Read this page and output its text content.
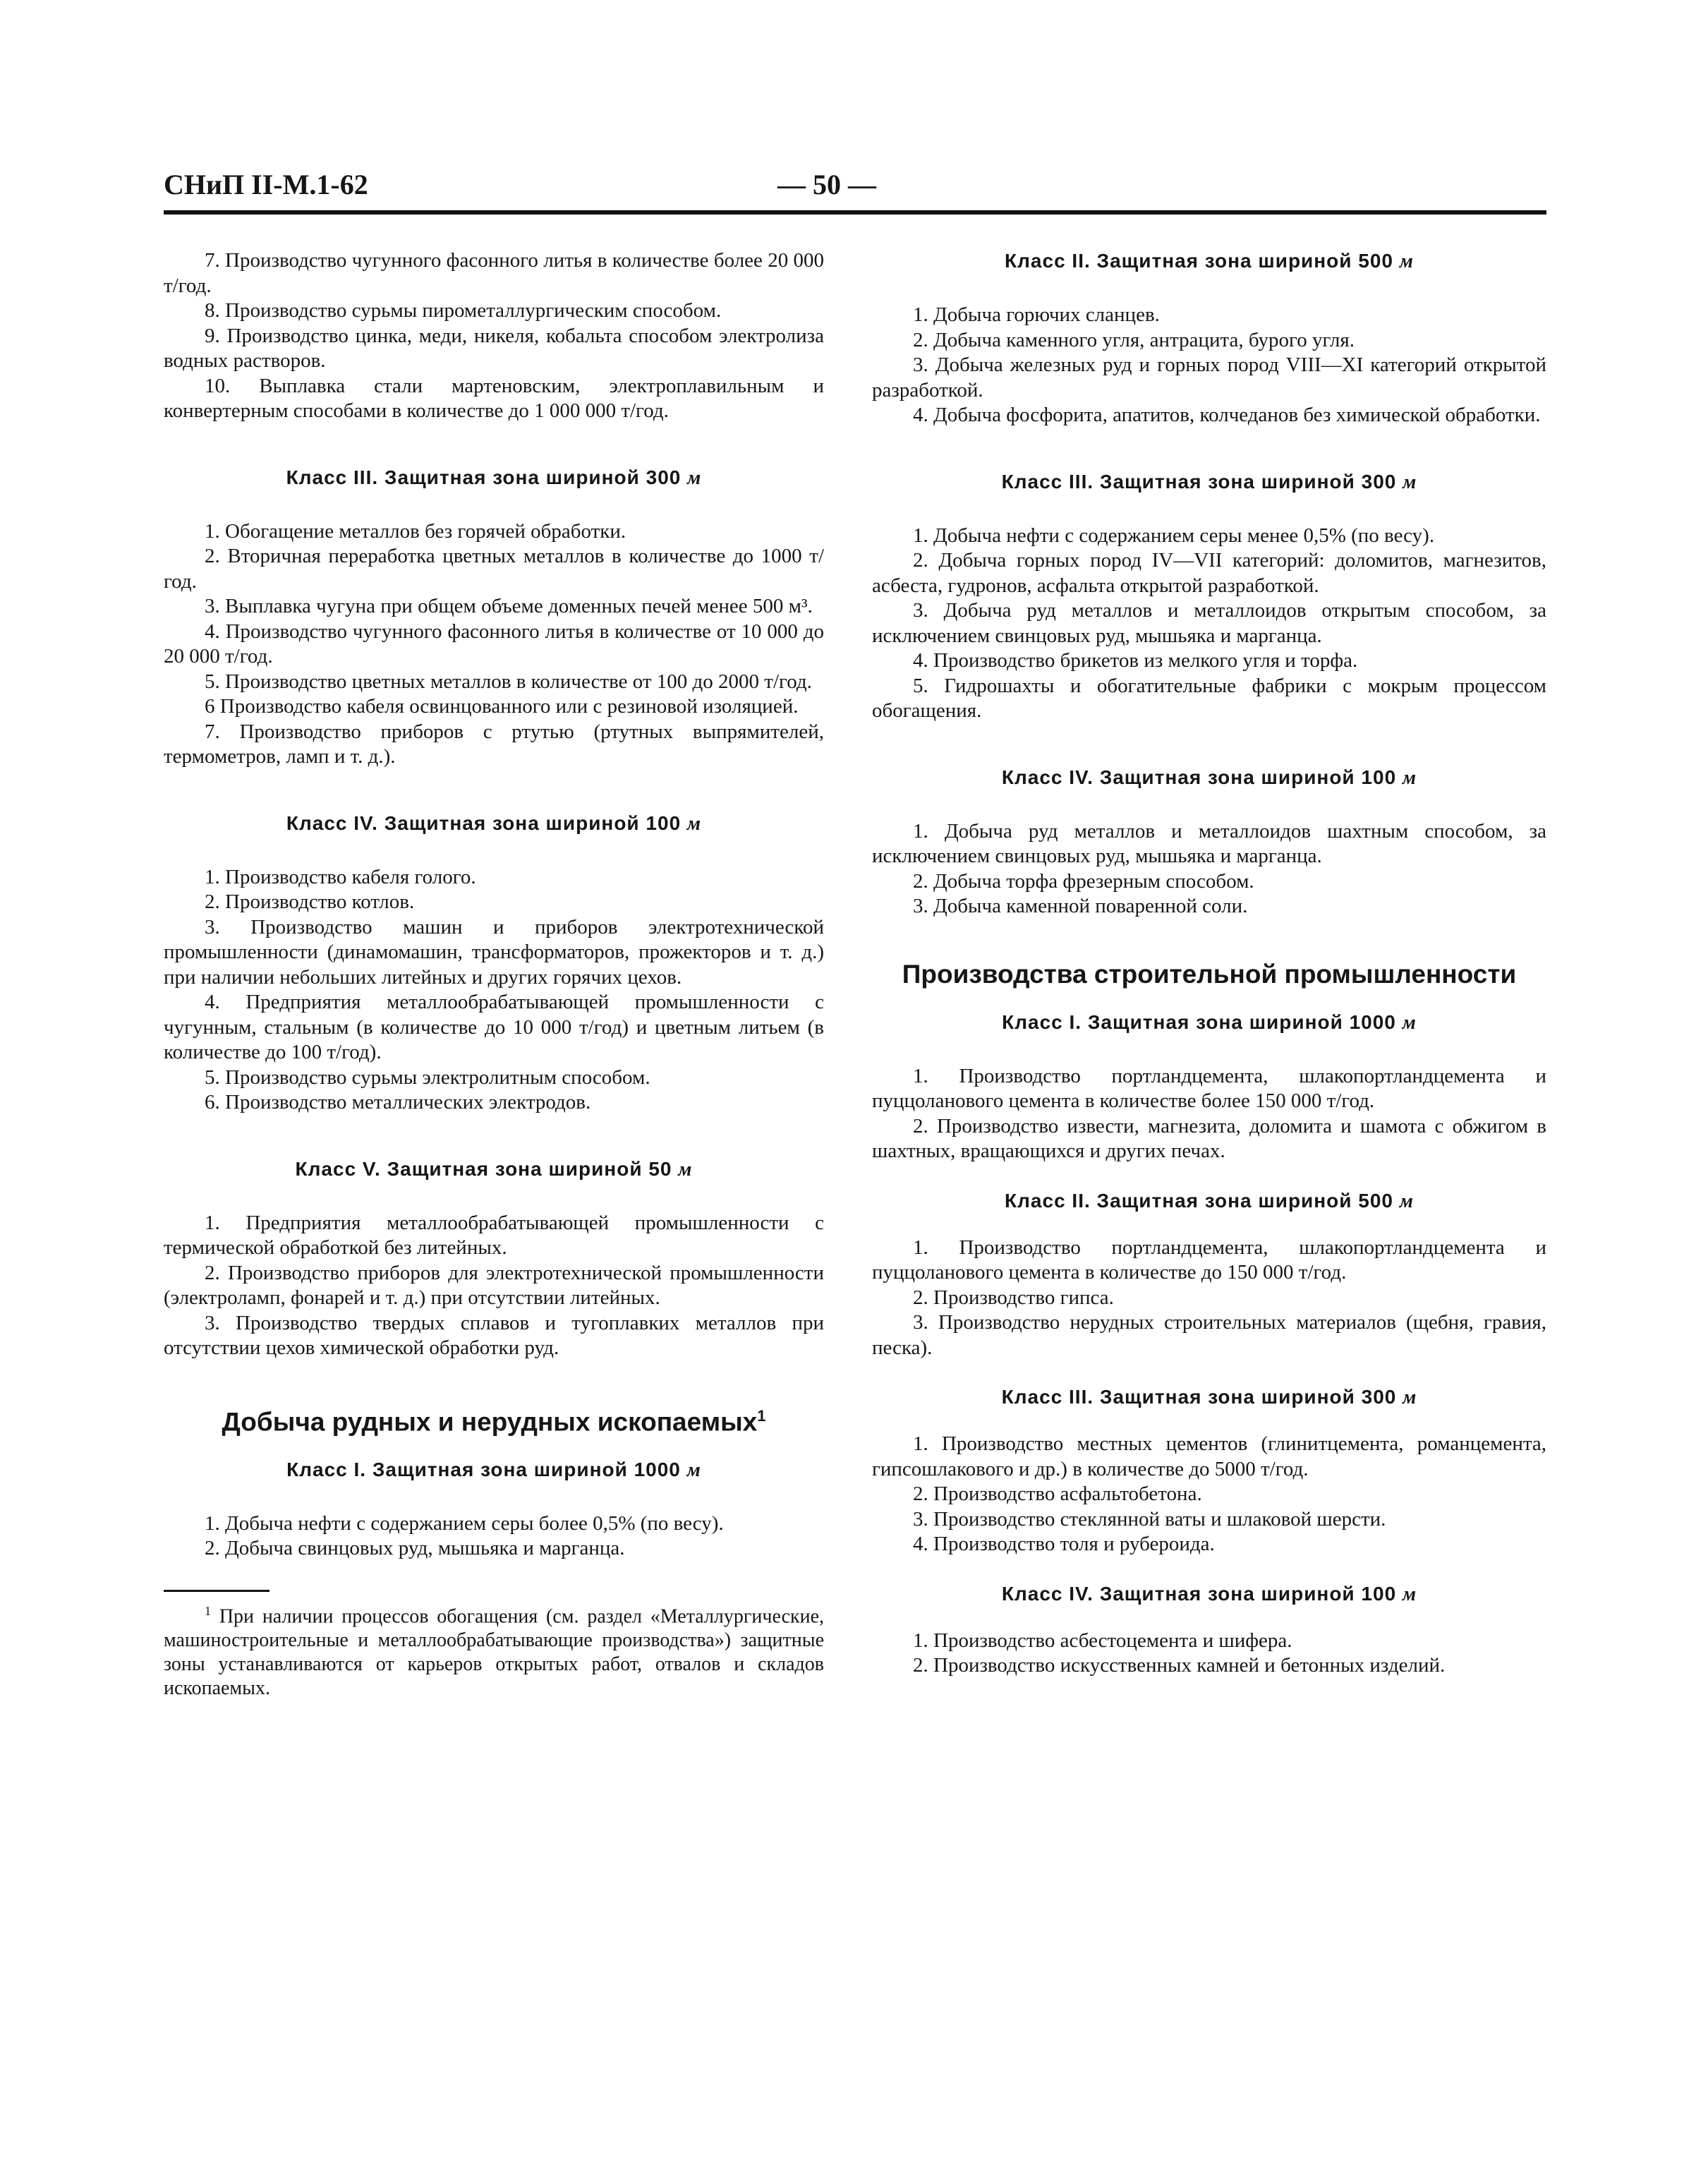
СНиП II-М.1-62	— 50 —

7. Производство чугунного фасонного литья в количестве более 20 000 т/год.

8. Производство сурьмы пирометаллургическим способом.

9. Производство цинка, меди, никеля, кобальта способом электролиза водных растворов.

10. Выплавка стали мартеновским, электроплавильным и конвертерным способами в количестве до 1 000 000 т/год.

Класс III. Защитная зона шириной 300 м

1. Обогащение металлов без горячей обработки.

2. Вторичная переработка цветных металлов в количестве до 1000 т/год.

3. Выплавка чугуна при общем объеме доменных печей менее 500 м³.

4. Производство чугунного фасонного литья в количестве от 10 000 до 20 000 т/год.

5. Производство цветных металлов в количестве от 100 до 2000 т/год.

6 Производство кабеля освинцованного или с резиновой изоляцией.

7. Производство приборов с ртутью (ртутных выпрямителей, термометров, ламп и т. д.).

Класс IV. Защитная зона шириной 100 м

1. Производство кабеля голого.

2. Производство котлов.

3. Производство машин и приборов электротехнической промышленности (динамомашин, трансформаторов, прожекторов и т. д.) при наличии небольших литейных и других горячих цехов.

4. Предприятия металлообрабатывающей промышленности с чугунным, стальным (в количестве до 10 000 т/год) и цветным литьем (в количестве до 100 т/год).

5. Производство сурьмы электролитным способом.

6. Производство металлических электродов.

Класс V. Защитная зона шириной 50 м

1. Предприятия металлообрабатывающей промышленности с термической обработкой без литейных.

2. Производство приборов для электротехнической промышленности (электроламп, фонарей и т. д.) при отсутствии литейных.

3. Производство твердых сплавов и тугоплавких металлов при отсутствии цехов химической обработки руд.

Добыча рудных и нерудных ископаемых$^1$
Класс I. Защитная зона шириной 1000 м

1. Добыча нефти с содержанием серы более 0,5% (по весу).

2. Добыча свинцовых руд, мышьяка и марганца.

$^1$ При наличии процессов обогащения (см. раздел «Металлургические, машиностроительные и металлообрабатывающие производства») защитные зоны устанавливаются от карьеров открытых работ, отвалов и складов ископаемых.

Класс II. Защитная зона шириной 500 м

1. Добыча горючих сланцев.

2. Добыча каменного угля, антрацита, бурого угля.

3. Добыча железных руд и горных пород VIII—XI категорий открытой разработкой.

4. Добыча фосфорита, апатитов, колчеданов без химической обработки.

Класс III. Защитная зона шириной 300 м

1. Добыча нефти с содержанием серы менее 0,5% (по весу).

2. Добыча горных пород IV—VII категорий: доломитов, магнезитов, асбеста, гудронов, асфальта открытой разработкой.

3. Добыча руд металлов и металлоидов открытым способом, за исключением свинцовых руд, мышьяка и марганца.

4. Производство брикетов из мелкого угля и торфа.

5. Гидрошахты и обогатительные фабрики с мокрым процессом обогащения.

Класс IV. Защитная зона шириной 100 м

1. Добыча руд металлов и металлоидов шахтным способом, за исключением свинцовых руд, мышьяка и марганца.

2. Добыча торфа фрезерным способом.

3. Добыча каменной поваренной соли.

Производства строительной промышленности
Класс I. Защитная зона шириной 1000 м

1. Производство портландцемента, шлакопортландцемента и пуццоланового цемента в количестве более 150 000 т/год.

2. Производство извести, магнезита, доломита и шамота с обжигом в шахтных, вращающихся и других печах.

Класс II. Защитная зона шириной 500 м

1. Производство портландцемента, шлакопортландцемента и пуццоланового цемента в количестве до 150 000 т/год.

2. Производство гипса.

3. Производство нерудных строительных материалов (щебня, гравия, песка).

Класс III. Защитная зона шириной 300 м

1. Производство местных цементов (глинитцемента, романцемента, гипсошлакового и др.) в количестве до 5000 т/год.

2. Производство асфальтобетона.

3. Производство стеклянной ваты и шлаковой шерсти.

4. Производство толя и рубероида.

Класс IV. Защитная зона шириной 100 м

1. Производство асбестоцемента и шифера.

2. Производство искусственных камней и бетонных изделий.
